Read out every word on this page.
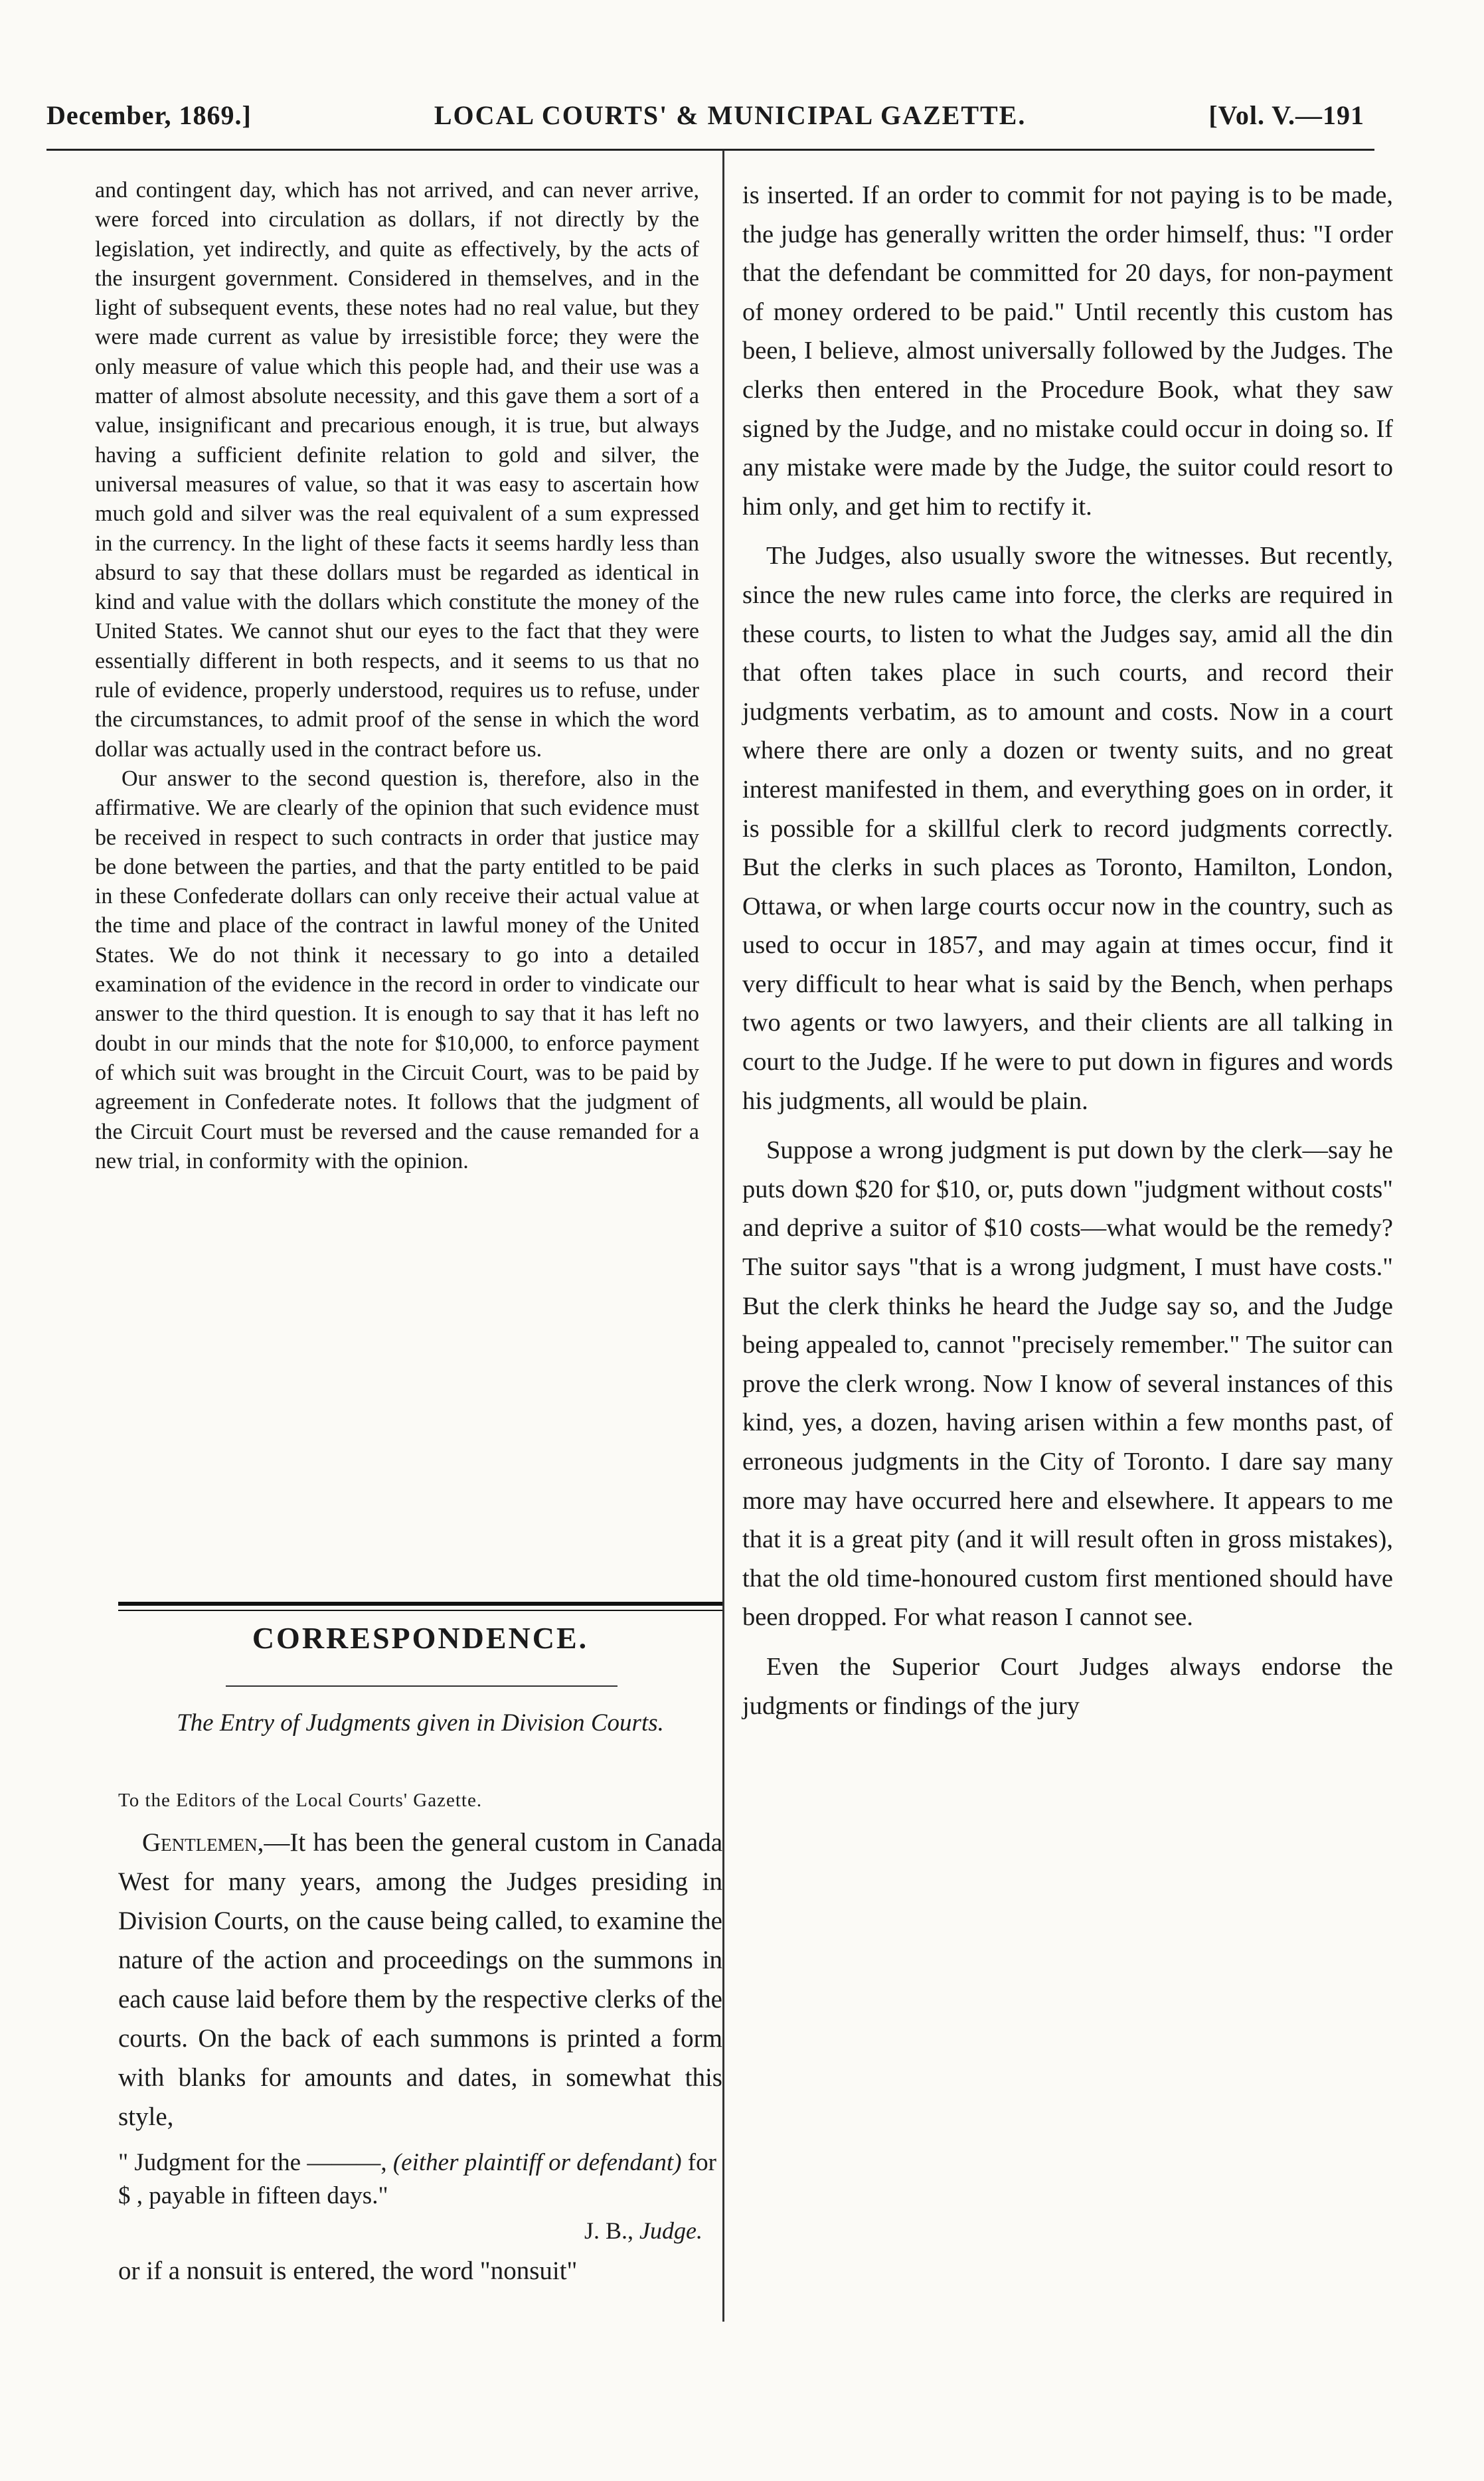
December, 1869.]	LOCAL COURTS' & MUNICIPAL GAZETTE.	[Vol. V.—191

and contingent day, which has not arrived, and can never arrive, were forced into circulation as dollars, if not directly by the legislation, yet indirectly, and quite as effectively, by the acts of the insurgent government. Considered in themselves, and in the light of subsequent events, these notes had no real value, but they were made current as value by irresistible force; they were the only measure of value which this people had, and their use was a matter of almost absolute necessity, and this gave them a sort of a value, insignificant and precarious enough, it is true, but always having a sufficient definite relation to gold and silver, the universal measures of value, so that it was easy to ascertain how much gold and silver was the real equivalent of a sum expressed in the currency. In the light of these facts it seems hardly less than absurd to say that these dollars must be regarded as identical in kind and value with the dollars which constitute the money of the United States. We cannot shut our eyes to the fact that they were essentially different in both respects, and it seems to us that no rule of evidence, properly understood, requires us to refuse, under the circumstances, to admit proof of the sense in which the word dollar was actually used in the contract before us.

Our answer to the second question is, therefore, also in the affirmative. We are clearly of the opinion that such evidence must be received in respect to such contracts in order that justice may be done between the parties, and that the party entitled to be paid in these Confederate dollars can only receive their actual value at the time and place of the contract in lawful money of the United States. We do not think it necessary to go into a detailed examination of the evidence in the record in order to vindicate our answer to the third question. It is enough to say that it has left no doubt in our minds that the note for $10,000, to enforce payment of which suit was brought in the Circuit Court, was to be paid by agreement in Confederate notes. It follows that the judgment of the Circuit Court must be reversed and the cause remanded for a new trial, in conformity with the opinion.

CORRESPONDENCE.
The Entry of Judgments given in Division Courts.
To the Editors of the Local Courts' Gazette.

Gentlemen,—It has been the general custom in Canada West for many years, among the Judges presiding in Division Courts, on the cause being called, to examine the nature of the action and proceedings on the summons in each cause laid before them by the respective clerks of the courts. On the back of each summons is printed a form with blanks for amounts and dates, in somewhat this style,

" Judgment for the ———, (either plaintiff or defendant) for $ , payable in fifteen days."
J. B., Judge.
or if a nonsuit is entered, the word "nonsuit"

is inserted. If an order to commit for not paying is to be made, the judge has generally written the order himself, thus: "I order that the defendant be committed for 20 days, for non-payment of money ordered to be paid." Until recently this custom has been, I believe, almost universally followed by the Judges. The clerks then entered in the Procedure Book, what they saw signed by the Judge, and no mistake could occur in doing so. If any mistake were made by the Judge, the suitor could resort to him only, and get him to rectify it.

The Judges, also usually swore the witnesses. But recently, since the new rules came into force, the clerks are required in these courts, to listen to what the Judges say, amid all the din that often takes place in such courts, and record their judgments verbatim, as to amount and costs. Now in a court where there are only a dozen or twenty suits, and no great interest manifested in them, and everything goes on in order, it is possible for a skillful clerk to record judgments correctly. But the clerks in such places as Toronto, Hamilton, London, Ottawa, or when large courts occur now in the country, such as used to occur in 1857, and may again at times occur, find it very difficult to hear what is said by the Bench, when perhaps two agents or two lawyers, and their clients are all talking in court to the Judge. If he were to put down in figures and words his judgments, all would be plain.

Suppose a wrong judgment is put down by the clerk—say he puts down $20 for $10, or, puts down "judgment without costs" and deprive a suitor of $10 costs—what would be the remedy? The suitor says "that is a wrong judgment, I must have costs." But the clerk thinks he heard the Judge say so, and the Judge being appealed to, cannot "precisely remember." The suitor can prove the clerk wrong. Now I know of several instances of this kind, yes, a dozen, having arisen within a few months past, of erroneous judgments in the City of Toronto. I dare say many more may have occurred here and elsewhere. It appears to me that it is a great pity (and it will result often in gross mistakes), that the old time-honoured custom first mentioned should have been dropped. For what reason I cannot see.

Even the Superior Court Judges always endorse the judgments or findings of the jury
